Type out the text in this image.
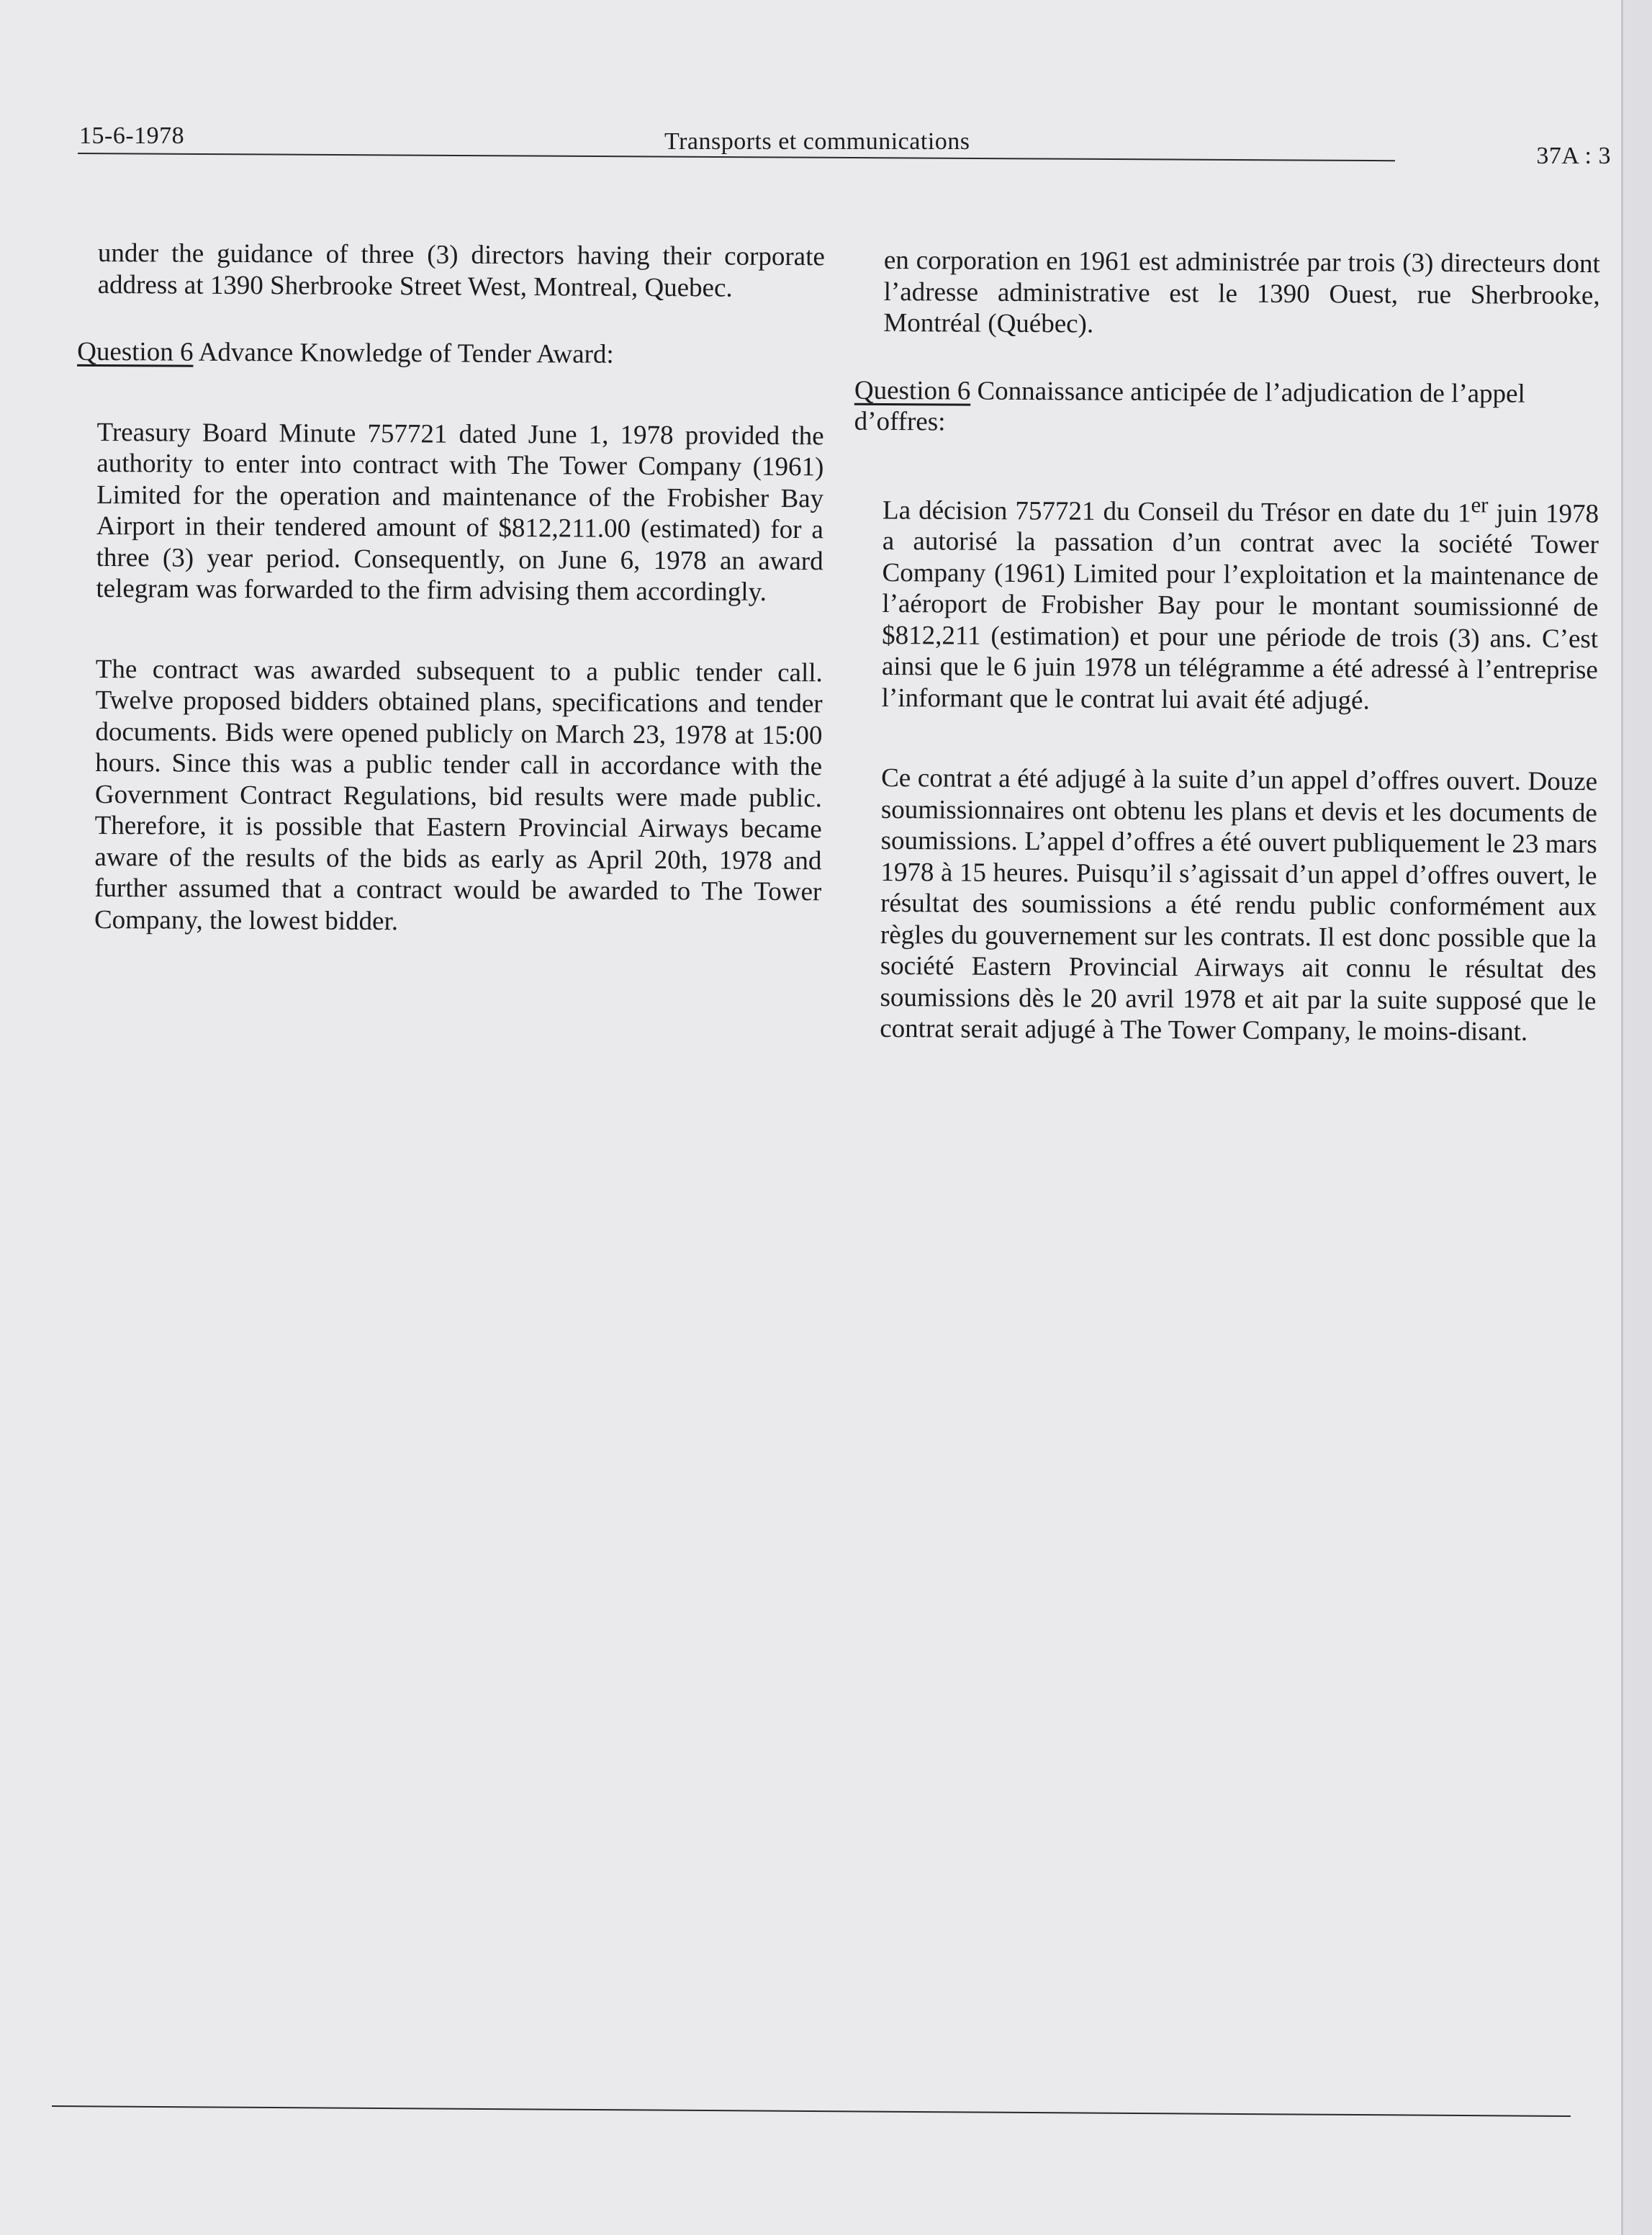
15-6-1978	Transports et communications
37A : 3

under the guidance of three (3) directors having their corporate address at 1390 Sherbrooke Street West, Montreal, Quebec.

Question 6 Advance Knowledge of Tender Award:

Treasury Board Minute 757721 dated June 1, 1978 provided the authority to enter into contract with The Tower Company (1961) Limited for the operation and maintenance of the Frobisher Bay Airport in their tendered amount of $812,211.00 (estimated) for a three (3) year period. Consequently, on June 6, 1978 an award telegram was forwarded to the firm advising them accordingly.

The contract was awarded subsequent to a public tender call. Twelve proposed bidders obtained plans, specifications and tender documents. Bids were opened publicly on March 23, 1978 at 15:00 hours. Since this was a public tender call in accordance with the Government Contract Regulations, bid results were made public. Therefore, it is possible that Eastern Provincial Airways became aware of the results of the bids as early as April 20th, 1978 and further assumed that a contract would be awarded to The Tower Company, the lowest bidder.

en corporation en 1961 est administrée par trois (3) directeurs dont l’adresse administrative est le 1390 Ouest, rue Sherbrooke, Montréal (Québec).

Question 6 Connaissance anticipée de l’adjudication de l’appel d’offres:

La décision 757721 du Conseil du Trésor en date du 1er juin 1978 a autorisé la passation d’un contrat avec la société Tower Company (1961) Limited pour l’exploitation et la maintenance de l’aéroport de Frobisher Bay pour le montant soumissionné de $812,211 (estimation) et pour une période de trois (3) ans. C’est ainsi que le 6 juin 1978 un télégramme a été adressé à l’entreprise l’informant que le contrat lui avait été adjugé.

Ce contrat a été adjugé à la suite d’un appel d’offres ouvert. Douze soumissionnaires ont obtenu les plans et devis et les documents de soumissions. L’appel d’offres a été ouvert publiquement le 23 mars 1978 à 15 heures. Puisqu’il s’agissait d’un appel d’offres ouvert, le résultat des soumissions a été rendu public conformément aux règles du gouvernement sur les contrats. Il est donc possible que la société Eastern Provincial Airways ait connu le résultat des soumissions dès le 20 avril 1978 et ait par la suite supposé que le contrat serait adjugé à The Tower Company, le moins-disant.
